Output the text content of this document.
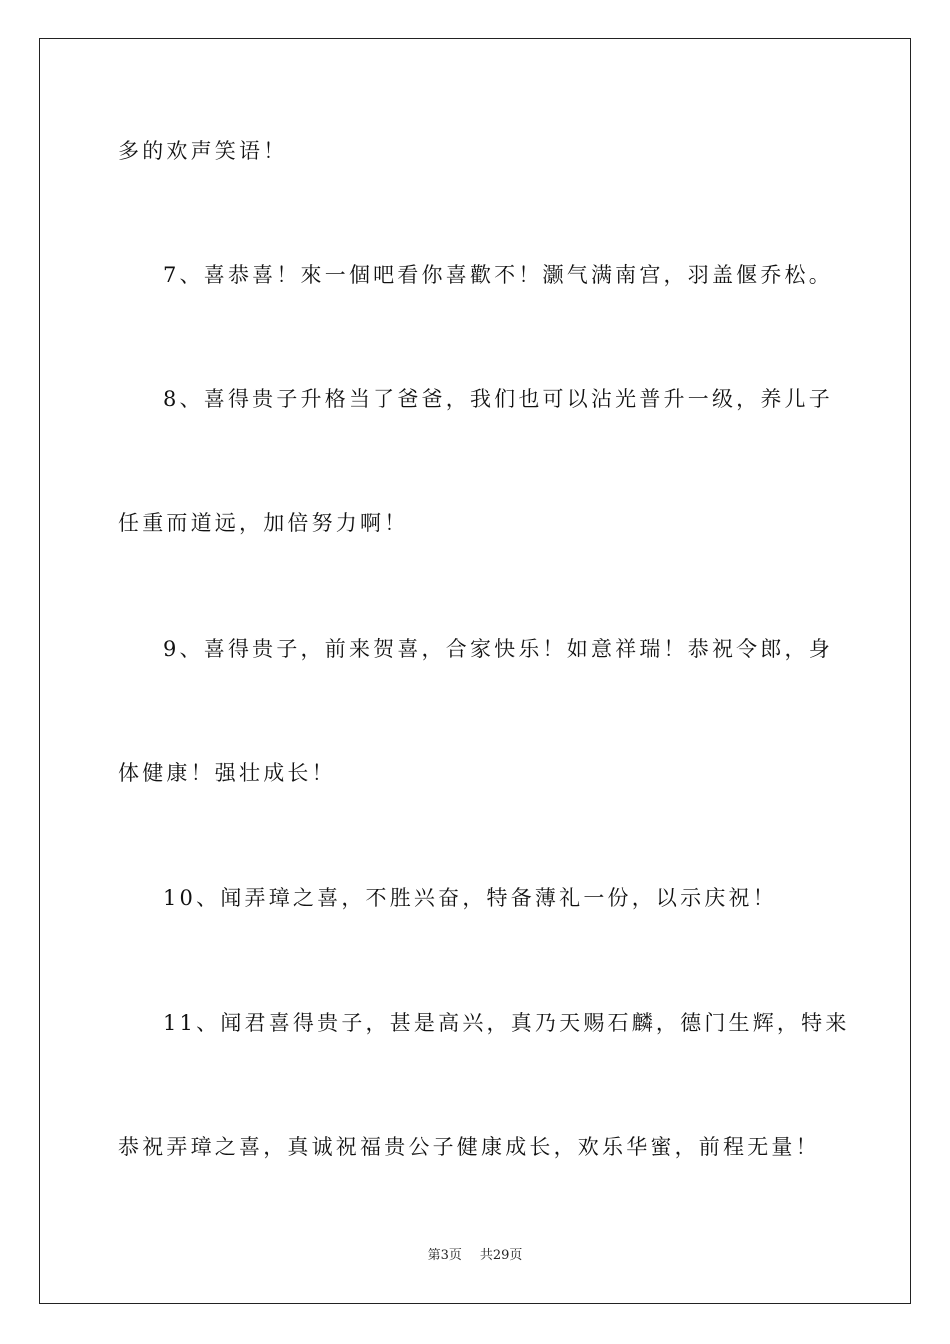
多的欢声笑语！
7、喜恭喜！來一個吧看你喜歡不！灏气满南宫，羽盖偃乔松。
8、喜得贵子升格当了爸爸，我们也可以沾光普升一级，养儿子
任重而道远，加倍努力啊！
9、喜得贵子，前来贺喜，合家快乐！如意祥瑞！恭祝令郎，身
体健康！强壮成长！
10、闻弄璋之喜，不胜兴奋，特备薄礼一份，以示庆祝！
11、闻君喜得贵子，甚是高兴，真乃天赐石麟，德门生辉，特来
恭祝弄璋之喜，真诚祝福贵公子健康成长，欢乐华蜜，前程无量！
第3页 共29页
